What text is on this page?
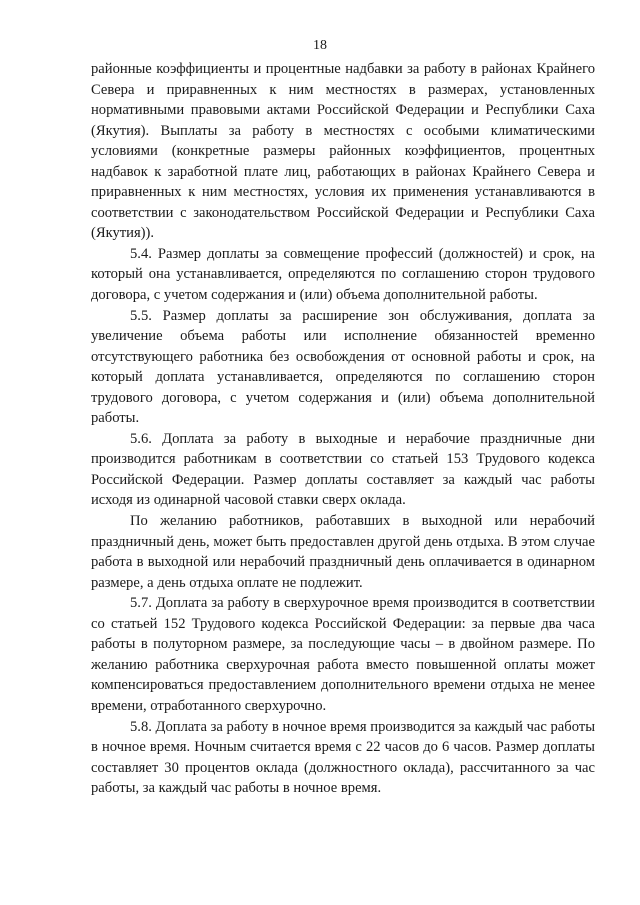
18

районные коэффициенты и процентные надбавки за работу в районах Крайнего Севера и приравненных к ним местностях в размерах, установленных нормативными правовыми актами Российской Федерации и Республики Саха (Якутия). Выплаты за работу в местностях с особыми климатическими условиями (конкретные размеры районных коэффициентов, процентных надбавок к заработной плате лиц, работающих в районах Крайнего Севера и приравненных к ним местностях, условия их применения устанавливаются в соответствии с законодательством Российской Федерации и Республики Саха (Якутия)).

5.4. Размер доплаты за совмещение профессий (должностей) и срок, на который она устанавливается, определяются по соглашению сторон трудового договора, с учетом содержания и (или) объема дополнительной работы.

5.5. Размер доплаты за расширение зон обслуживания, доплата за увеличение объема работы или исполнение обязанностей временно отсутствующего работника без освобождения от основной работы и срок, на который доплата устанавливается, определяются по соглашению сторон трудового договора, с учетом содержания и (или) объема дополнительной работы.

5.6. Доплата за работу в выходные и нерабочие праздничные дни производится работникам в соответствии со статьей 153 Трудового кодекса Российской Федерации. Размер доплаты составляет за каждый час работы исходя из одинарной часовой ставки сверх оклада.

По желанию работников, работавших в выходной или нерабочий праздничный день, может быть предоставлен другой день отдыха. В этом случае работа в выходной или нерабочий праздничный день оплачивается в одинарном размере, а день отдыха оплате не подлежит.

5.7. Доплата за работу в сверхурочное время производится в соответствии со статьей 152 Трудового кодекса Российской Федерации: за первые два часа работы в полуторном размере, за последующие часы – в двойном размере. По желанию работника сверхурочная работа вместо повышенной оплаты может компенсироваться предоставлением дополнительного времени отдыха не менее времени, отработанного сверхурочно.

5.8. Доплата за работу в ночное время производится за каждый час работы в ночное время. Ночным считается время с 22 часов до 6 часов. Размер доплаты составляет 30 процентов оклада (должностного оклада), рассчитанного за час работы, за каждый час работы в ночное время.
